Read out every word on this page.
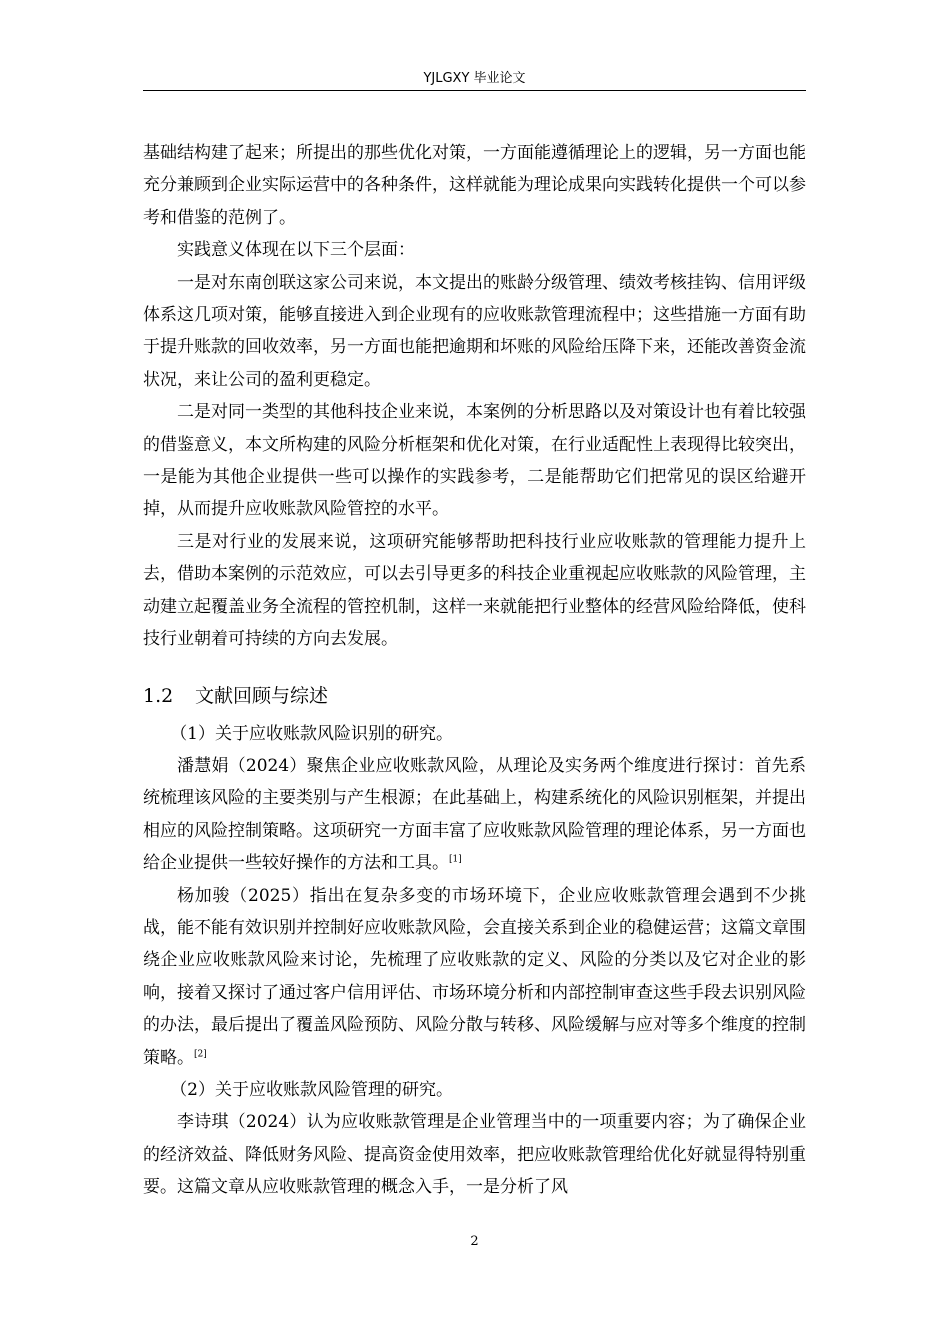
YJLGXY 毕业论文

基础结构建了起来；所提出的那些优化对策，一方面能遵循理论上的逻辑，另一方面也能充分兼顾到企业实际运营中的各种条件，这样就能为理论成果向实践转化提供一个可以参考和借鉴的范例了。

实践意义体现在以下三个层面：

一是对东南创联这家公司来说，本文提出的账龄分级管理、绩效考核挂钩、信用评级体系这几项对策，能够直接进入到企业现有的应收账款管理流程中；这些措施一方面有助于提升账款的回收效率，另一方面也能把逾期和坏账的风险给压降下来，还能改善资金流状况，来让公司的盈利更稳定。

二是对同一类型的其他科技企业来说，本案例的分析思路以及对策设计也有着比较强的借鉴意义，本文所构建的风险分析框架和优化对策，在行业适配性上表现得比较突出，一是能为其他企业提供一些可以操作的实践参考，二是能帮助它们把常见的误区给避开掉，从而提升应收账款风险管控的水平。

三是对行业的发展来说，这项研究能够帮助把科技行业应收账款的管理能力提升上去，借助本案例的示范效应，可以去引导更多的科技企业重视起应收账款的风险管理，主动建立起覆盖业务全流程的管控机制，这样一来就能把行业整体的经营风险给降低，使科技行业朝着可持续的方向去发展。

1.2	文献回顾与综述

（1）关于应收账款风险识别的研究。

潘慧娟（2024）聚焦企业应收账款风险，从理论及实务两个维度进行探讨：首先系统梳理该风险的主要类别与产生根源；在此基础上，构建系统化的风险识别框架，并提出相应的风险控制策略。这项研究一方面丰富了应收账款风险管理的理论体系，另一方面也给企业提供一些较好操作的方法和工具。[1]

杨加骏（2025）指出在复杂多变的市场环境下，企业应收账款管理会遇到不少挑战，能不能有效识别并控制好应收账款风险，会直接关系到企业的稳健运营；这篇文章围绕企业应收账款风险来讨论，先梳理了应收账款的定义、风险的分类以及它对企业的影响，接着又探讨了通过客户信用评估、市场环境分析和内部控制审查这些手段去识别风险的办法，最后提出了覆盖风险预防、风险分散与转移、风险缓解与应对等多个维度的控制策略。[2]

（2）关于应收账款风险管理的研究。

李诗琪（2024）认为应收账款管理是企业管理当中的一项重要内容；为了确保企业的经济效益、降低财务风险、提高资金使用效率，把应收账款管理给优化好就显得特别重要。这篇文章从应收账款管理的概念入手，一是分析了风

2
